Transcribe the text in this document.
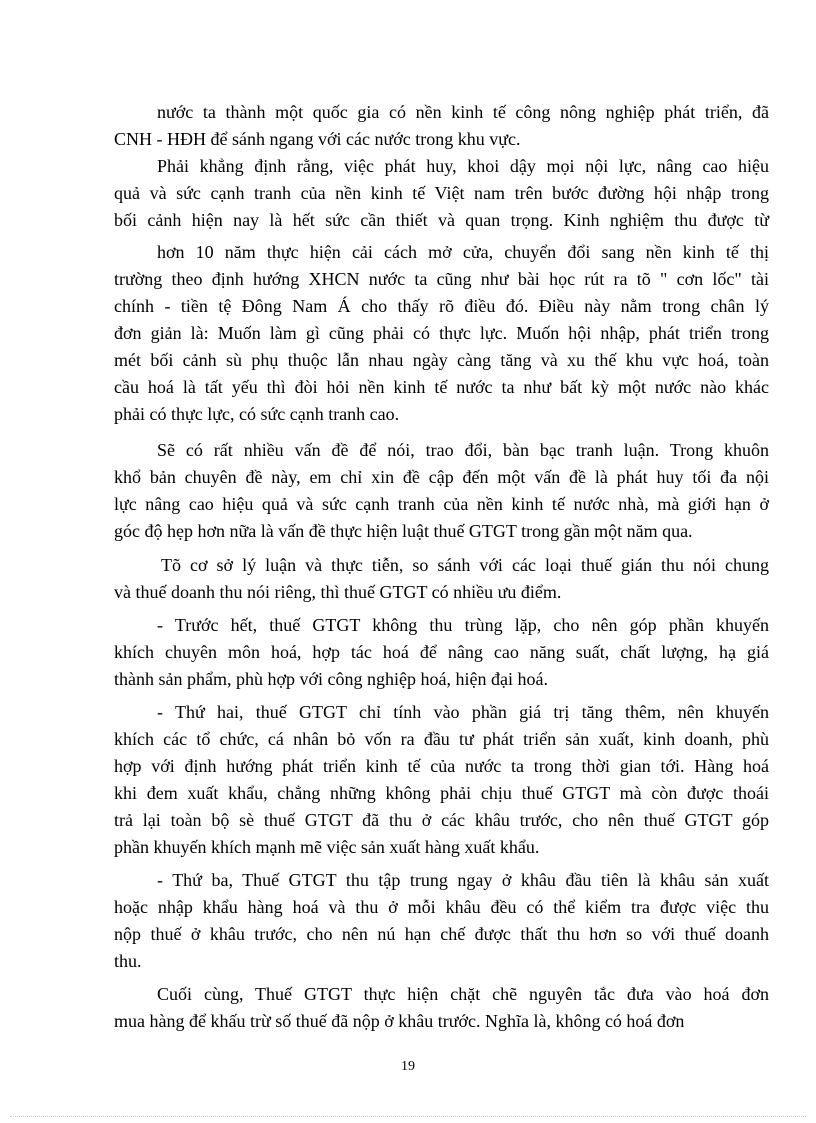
nước ta thành một quốc gia có nền kinh tế công nông nghiệp phát triển, đã
CNH - HĐH để sánh ngang với các nước trong khu vực.
Phải khẳng định rằng, việc phát huy, khoi dậy mọi nội lực, nâng cao hiệu
quả và sức cạnh tranh của nền kinh tế Việt nam trên bước đường hội nhập trong
bối cảnh hiện nay là hết sức cần thiết và quan trọng. Kinh nghiệm thu được từ
hơn 10 năm thực hiện cải cách mở cửa, chuyển đổi sang nền kinh tế thị
trường theo định hướng XHCN nước ta cũng như bài học rút ra tõ " cơn lốc" tài
chính - tiền tệ Đông Nam Á cho thấy rõ điều đó. Điều này nằm trong chân lý
đơn giản là: Muốn làm gì cũng phải có thực lực. Muốn hội nhập, phát triển trong
mét bối cảnh sù phụ thuộc lẫn nhau ngày càng tăng và xu thế khu vực hoá, toàn
cầu hoá là tất yếu thì đòi hỏi nền kinh tế nước ta như bất kỳ một nước nào khác
phải có thực lực, có sức cạnh tranh cao.
Sẽ có rất nhiều vấn đề để nói, trao đổi, bàn bạc tranh luận. Trong khuôn
khổ bản chuyên đề này, em chỉ xin đề cập đến một vấn đề là phát huy tối đa nội
lực nâng cao hiệu quả và sức cạnh tranh của nền kinh tế nước nhà, mà giới hạn ở
góc độ hẹp hơn nữa là vấn đề thực hiện luật thuế GTGT trong gần một năm qua.
Tõ cơ sở lý luận và thực tiễn, so sánh với các loại thuế gián thu nói chung
và thuế doanh thu nói riêng, thì thuế GTGT có nhiều ưu điểm.
- Trước hết, thuế GTGT không thu trùng lặp, cho nên góp phần khuyến
khích chuyên môn hoá, hợp tác hoá để nâng cao năng suất, chất lượng, hạ giá
thành sản phẩm, phù hợp với công nghiệp hoá, hiện đại hoá.
- Thứ hai, thuế GTGT chỉ tính vào phần giá trị tăng thêm, nên khuyến
khích các tổ chức, cá nhân bỏ vốn ra đầu tư phát triển sản xuất, kinh doanh, phù
hợp với định hướng phát triển kinh tế của nước ta trong thời gian tới. Hàng hoá
khi đem xuất khẩu, chẳng những không phải chịu thuế GTGT mà còn được thoái
trả lại toàn bộ sè thuế GTGT đã thu ở các khâu trước, cho nên thuế GTGT góp
phần khuyến khích mạnh mẽ việc sản xuất hàng xuất khẩu.
- Thứ ba, Thuế GTGT thu tập trung ngay ở khâu đầu tiên là khâu sản xuất
hoặc nhập khẩu hàng hoá và thu ở mỗi khâu đều có thể kiểm tra được việc thu
nộp thuế ở khâu trước, cho nên nú hạn chế được thất thu hơn so với thuế doanh
thu.
Cuối cùng, Thuế GTGT thực hiện chặt chẽ nguyên tắc đưa vào hoá đơn
mua hàng để khấu trừ số thuế đã nộp ở khâu trước. Nghĩa là, không có hoá đơn
19
